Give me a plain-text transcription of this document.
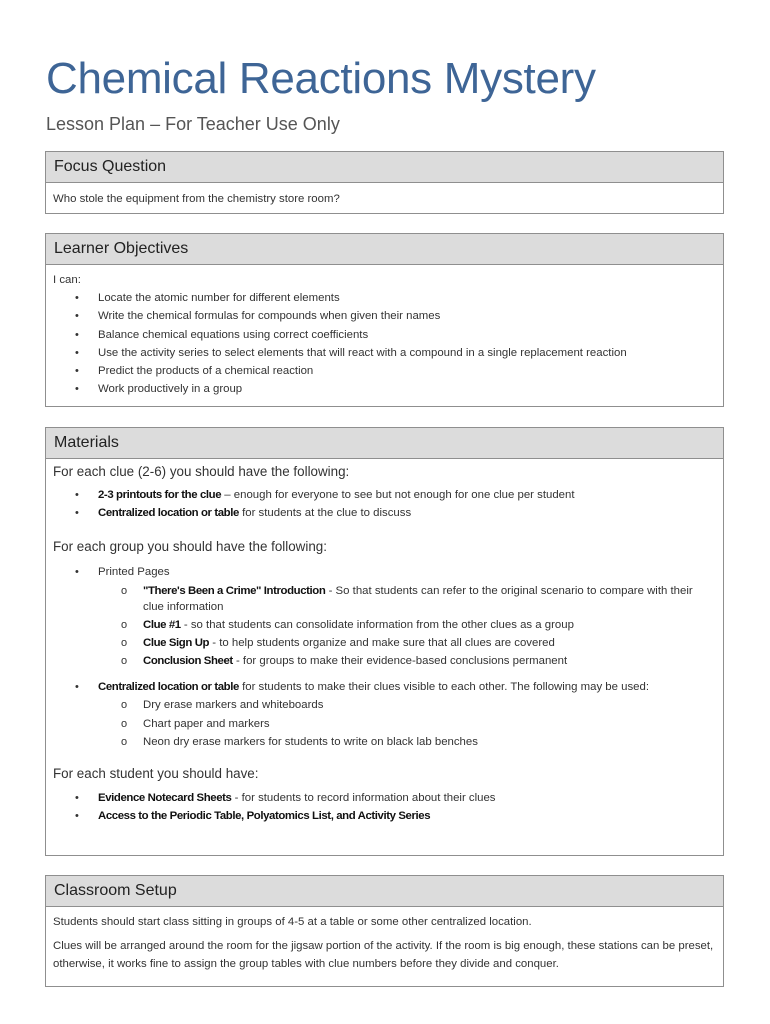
Chemical Reactions Mystery
Lesson Plan – For Teacher Use Only
Focus Question
Who stole the equipment from the chemistry store room?
Learner Objectives
I can:
• Locate the atomic number for different elements
• Write the chemical formulas for compounds when given their names
• Balance chemical equations using correct coefficients
• Use the activity series to select elements that will react with a compound in a single replacement reaction
• Predict the products of a chemical reaction
• Work productively in a group
Materials
For each clue (2-6) you should have the following:
• 2-3 printouts for the clue – enough for everyone to see but not enough for one clue per student
• Centralized location or table for students at the clue to discuss
For each group you should have the following:
• Printed Pages
o "There's Been a Crime" Introduction - So that students can refer to the original scenario to compare with their clue information
o Clue #1 - so that students can consolidate information from the other clues as a group
o Clue Sign Up - to help students organize and make sure that all clues are covered
o Conclusion Sheet - for groups to make their evidence-based conclusions permanent
• Centralized location or table for students to make their clues visible to each other. The following may be used:
o Dry erase markers and whiteboards
o Chart paper and markers
o Neon dry erase markers for students to write on black lab benches
For each student you should have:
• Evidence Notecard Sheets - for students to record information about their clues
• Access to the Periodic Table, Polyatomics List, and Activity Series
Classroom Setup
Students should start class sitting in groups of 4-5 at a table or some other centralized location.
Clues will be arranged around the room for the jigsaw portion of the activity. If the room is big enough, these stations can be preset, otherwise, it works fine to assign the group tables with clue numbers before they divide and conquer.
